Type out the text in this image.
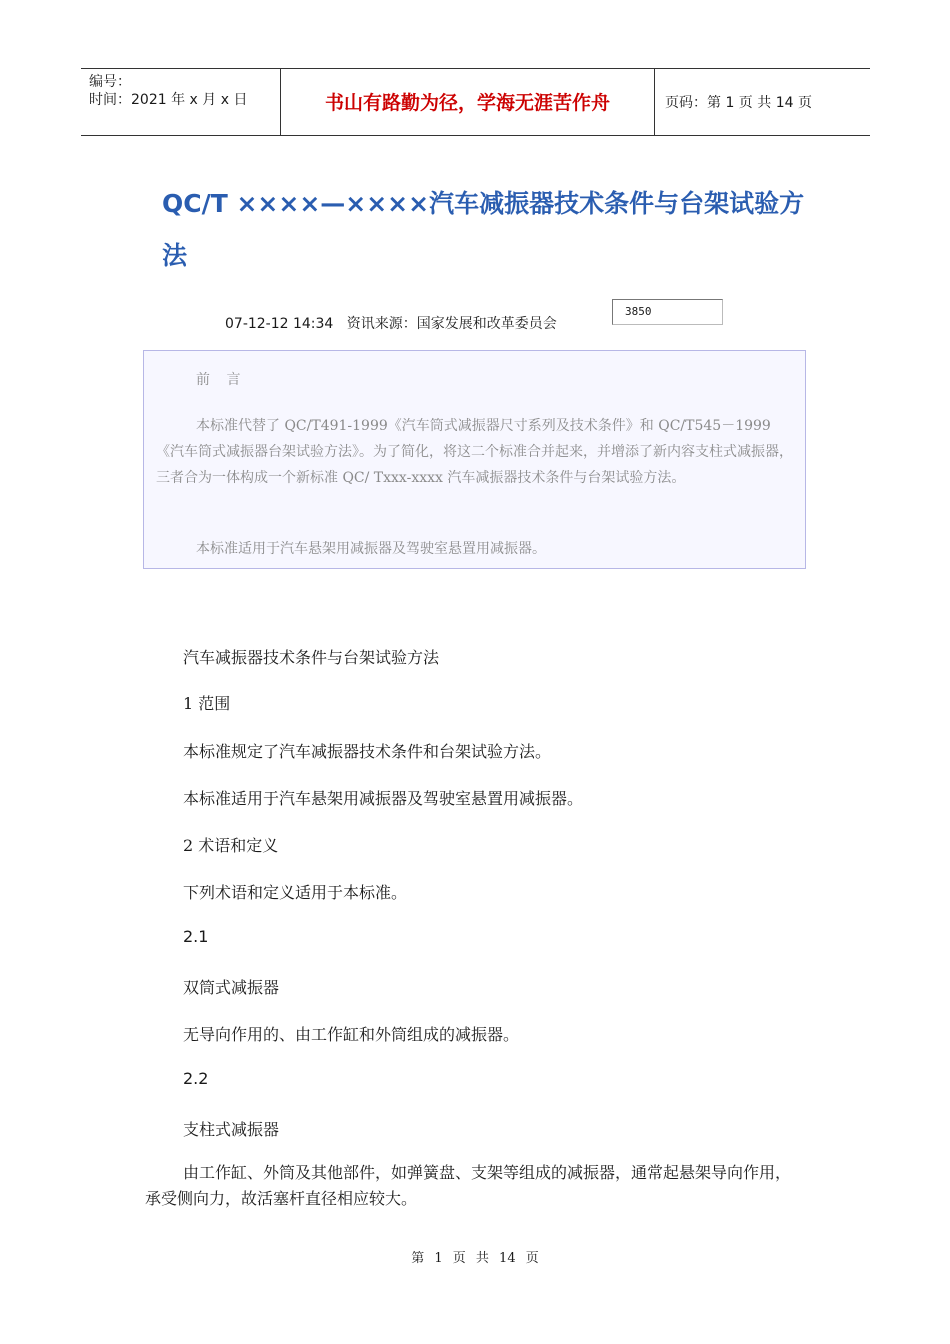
编号：
时间：2021 年 x 月 x 日	书山有路勤为径，学海无涯苦作舟	页码：第 1 页 共 14 页
QC/T ××××—××××汽车减振器技术条件与台架试验方法
07-12-12 14:34 资讯来源：国家发展和改革委员会
3850
前 言
本标准代替了 QC/T491-1999《汽车筒式减振器尺寸系列及技术条件》和 QC/T545－1999《汽车筒式减振器台架试验方法》。为了简化，将这二个标准合并起来，并增添了新内容支柱式减振器，三者合为一体构成一个新标准 QC/ Txxx-xxxx 汽车减振器技术条件与台架试验方法。
本标准适用于汽车悬架用减振器及驾驶室悬置用减振器。
汽车减振器技术条件与台架试验方法
1 范围
本标准规定了汽车减振器技术条件和台架试验方法。
本标准适用于汽车悬架用减振器及驾驶室悬置用减振器。
2 术语和定义
下列术语和定义适用于本标准。
2.1
双筒式减振器
无导向作用的、由工作缸和外筒组成的减振器。
2.2
支柱式减振器
由工作缸、外筒及其他部件，如弹簧盘、支架等组成的减振器，通常起悬架导向作用，承受侧向力，故活塞杆直径相应较大。
第 1 页 共 14 页
